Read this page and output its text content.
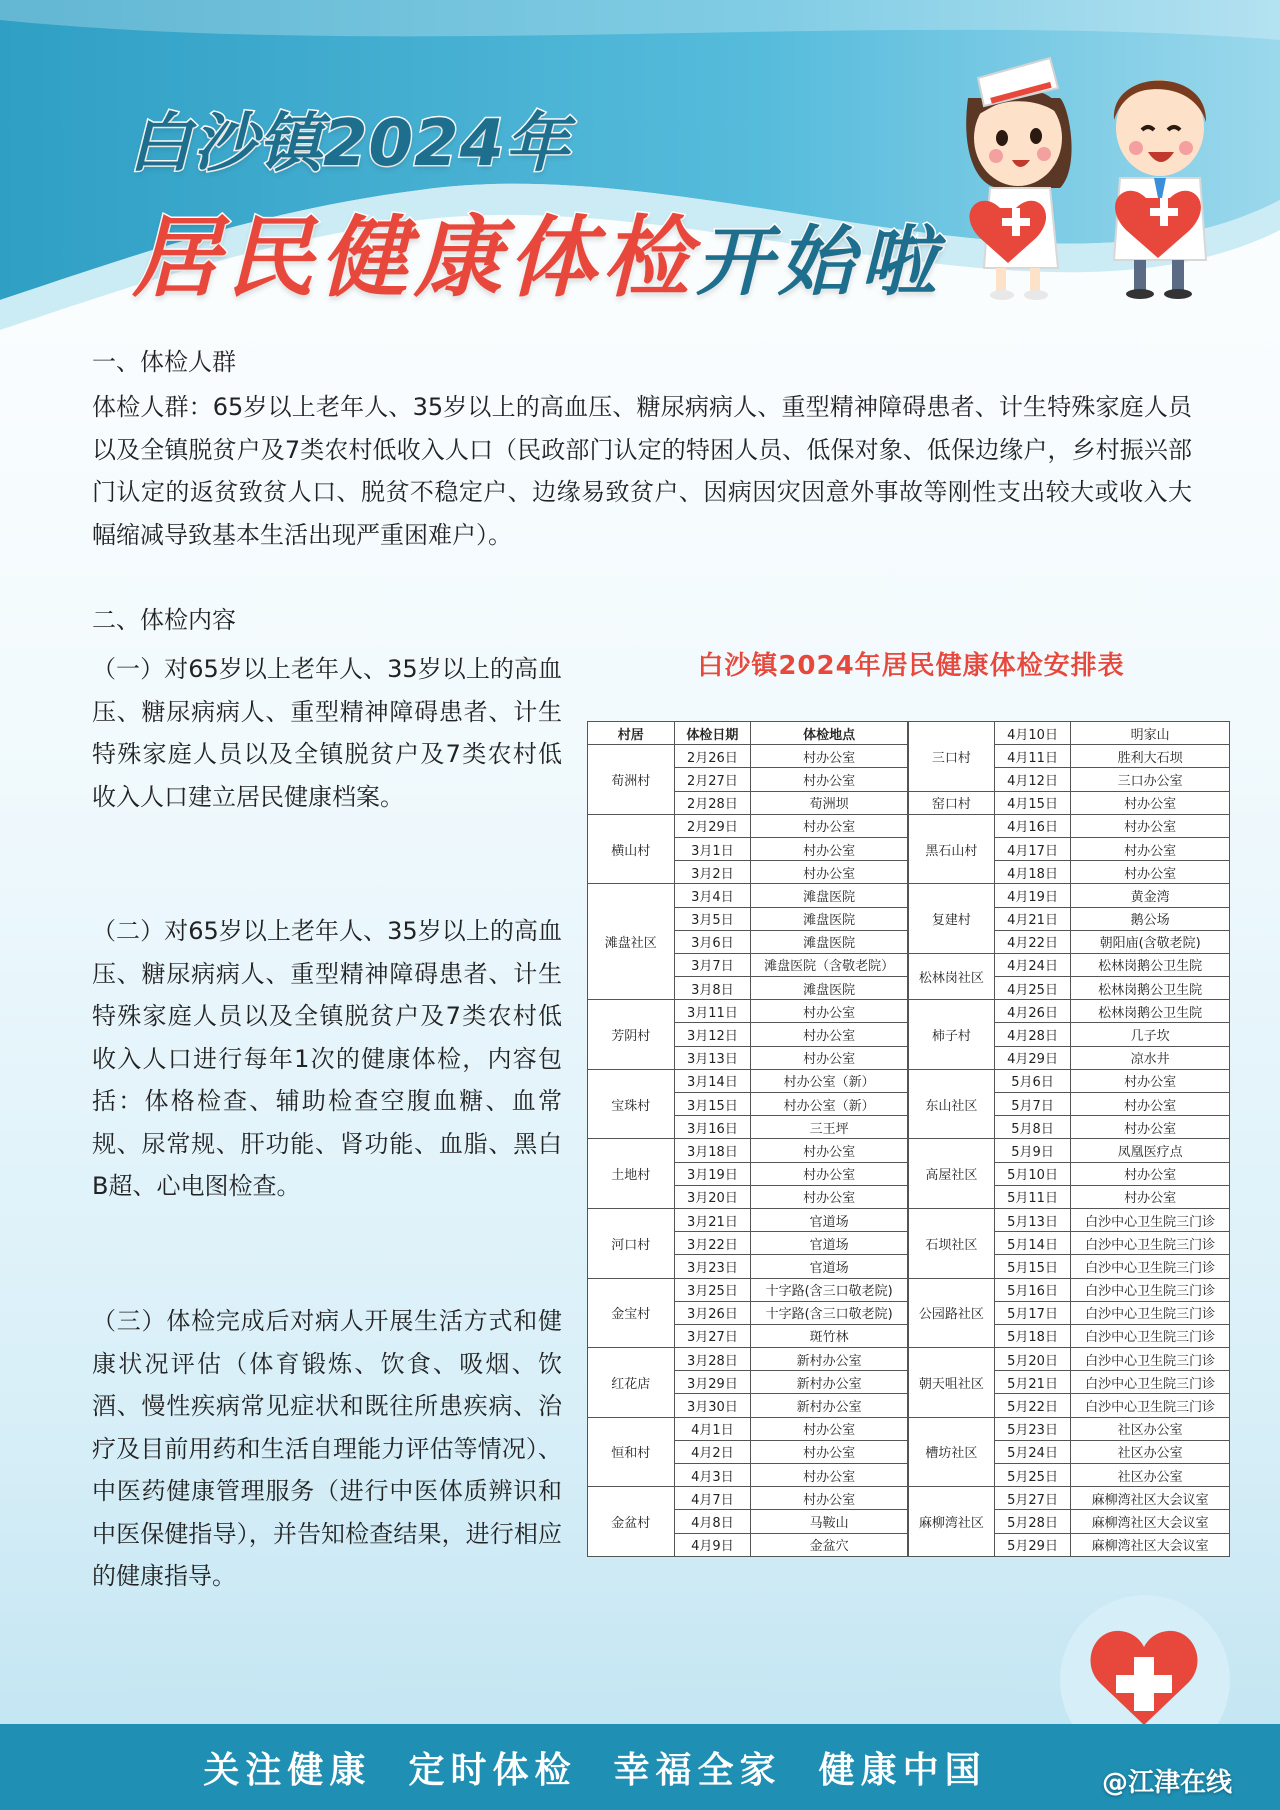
白沙镇2024年
居民健康体检开始啦
一、体检人群

体检人群：65岁以上老年人、35岁以上的高血压、糖尿病病人、重型精神障碍患者、计生特殊家庭人员以及全镇脱贫户及7类农村低收入人口（民政部门认定的特困人员、低保对象、低保边缘户，乡村振兴部门认定的返贫致贫人口、脱贫不稳定户、边缘易致贫户、因病因灾因意外事故等刚性支出较大或收入大幅缩减导致基本生活出现严重困难户）。

二、体检内容

（一）对65岁以上老年人、35岁以上的高血压、糖尿病病人、重型精神障碍患者、计生特殊家庭人员以及全镇脱贫户及7类农村低收入人口建立居民健康档案。

（二）对65岁以上老年人、35岁以上的高血压、糖尿病病人、重型精神障碍患者、计生特殊家庭人员以及全镇脱贫户及7类农村低收入人口进行每年1次的健康体检，内容包括：体格检查、辅助检查空腹血糖、血常规、尿常规、肝功能、肾功能、血脂、黑白B超、心电图检查。

（三）体检完成后对病人开展生活方式和健康状况评估（体育锻炼、饮食、吸烟、饮酒、慢性疾病常见症状和既往所患疾病、治疗及目前用药和生活自理能力评估等情况）、中医药健康管理服务（进行中医体质辨识和中医保健指导），并告知检查结果，进行相应的健康指导。

白沙镇2024年居民健康体检安排表
村居	体检日期	体检地点
荀洲村	2月26日	村办公室
	2月27日	村办公室
	2月28日	荀洲坝
横山村	2月29日	村办公室
	3月1日	村办公室
	3月2日	村办公室
滩盘社区	3月4日	滩盘医院
	3月5日	滩盘医院
	3月6日	滩盘医院
	3月7日	滩盘医院（含敬老院）
	3月8日	滩盘医院
芳阴村	3月11日	村办公室
	3月12日	村办公室
	3月13日	村办公室
宝珠村	3月14日	村办公室（新）
	3月15日	村办公室（新）
	3月16日	三王坪
土地村	3月18日	村办公室
	3月19日	村办公室
	3月20日	村办公室
河口村	3月21日	官道场
	3月22日	官道场
	3月23日	官道场
金宝村	3月25日	十字路(含三口敬老院)
	3月26日	十字路(含三口敬老院)
	3月27日	斑竹林
红花店	3月28日	新村办公室
	3月29日	新村办公室
	3月30日	新村办公室
恒和村	4月1日	村办公室
	4月2日	村办公室
	4月3日	村办公室
金盆村	4月7日	村办公室
	4月8日	马鞍山
	4月9日	金盆穴
三口村	4月10日	明家山
	4月11日	胜利大石坝
	4月12日	三口办公室
窑口村	4月15日	村办公室
黑石山村	4月16日	村办公室
	4月17日	村办公室
	4月18日	村办公室
复建村	4月19日	黄金湾
	4月21日	鹅公场
	4月22日	朝阳庙(含敬老院)
松林岗社区	4月24日	松林岗鹅公卫生院
	4月25日	松林岗鹅公卫生院
柿子村	4月26日	松林岗鹅公卫生院
	4月28日	几子坎
	4月29日	凉水井
东山社区	5月6日	村办公室
	5月7日	村办公室
	5月8日	村办公室
高屋社区	5月9日	凤凰医疗点
	5月10日	村办公室
	5月11日	村办公室
石坝社区	5月13日	白沙中心卫生院三门诊
	5月14日	白沙中心卫生院三门诊
	5月15日	白沙中心卫生院三门诊
公园路社区	5月16日	白沙中心卫生院三门诊
	5月17日	白沙中心卫生院三门诊
	5月18日	白沙中心卫生院三门诊
朝天咀社区	5月20日	白沙中心卫生院三门诊
	5月21日	白沙中心卫生院三门诊
	5月22日	白沙中心卫生院三门诊
槽坊社区	5月23日	社区办公室
	5月24日	社区办公室
	5月25日	社区办公室
麻柳湾社区	5月27日	麻柳湾社区大会议室
	5月28日	麻柳湾社区大会议室
	5月29日	麻柳湾社区大会议室
关注健康  定时体检  幸福全家  健康中国	@江津在线
